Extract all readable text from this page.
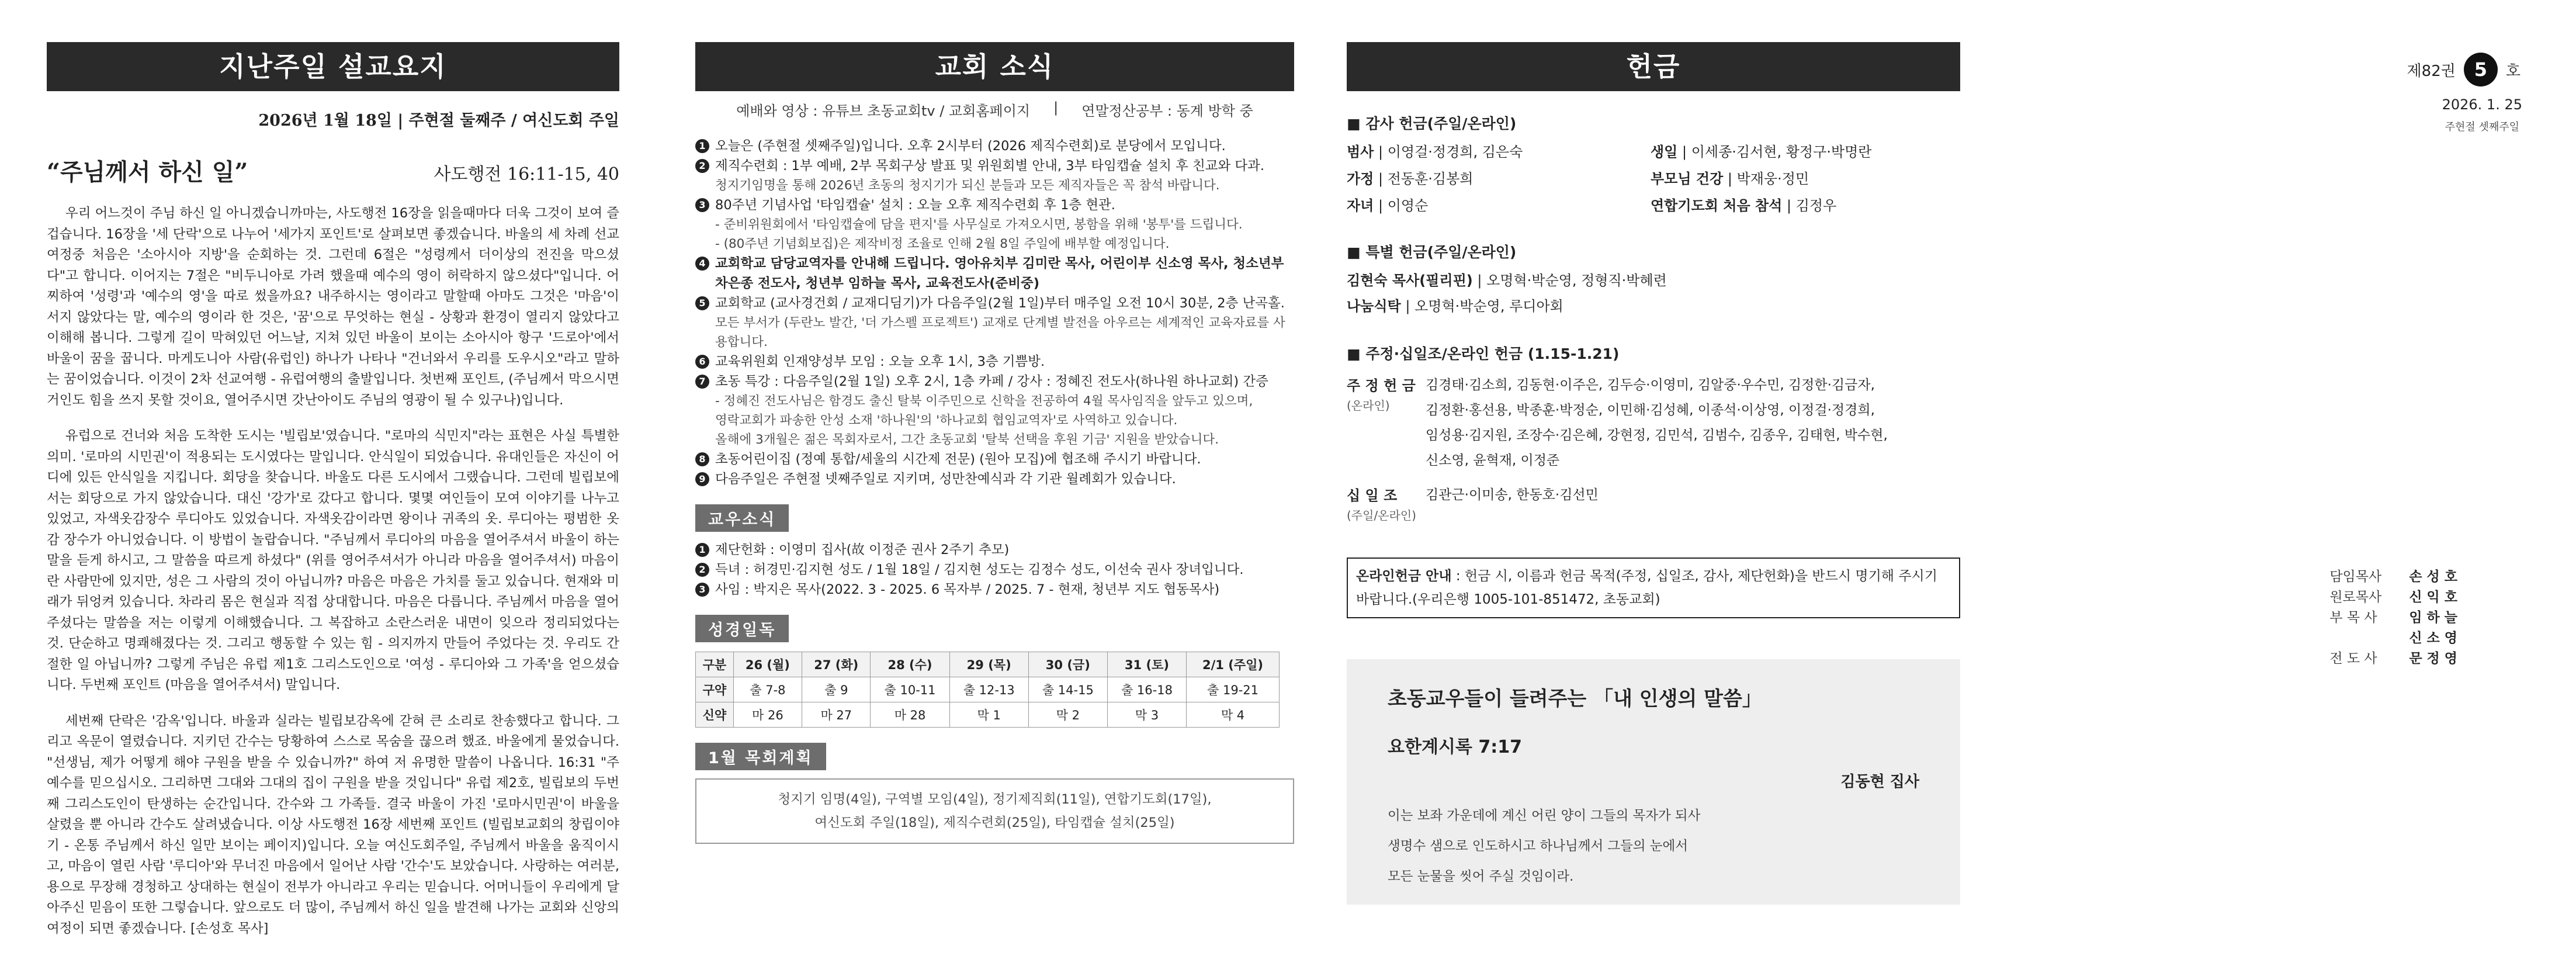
지난주일 설교요지
2026년 1월 18일 | 주현절 둘째주 / 여신도회 주일
“주님께서 하신 일”	사도행전 16:11-15, 40

우리 어느것이 주님 하신 일 아니겠습니까마는, 사도행전 16장을 읽을때마다 더욱 그것이 보여 즐겁습니다. 16장을 '세 단락'으로 나누어 '세가지 포인트'로 살펴보면 좋겠습니다. 바울의 세 차례 선교여정중 처음은 '소아시아 지방'을 순회하는 것. 그런데 6절은 "성령께서 더이상의 전진을 막으셨다"고 합니다. 이어지는 7절은 "비두니아로 가려 했을때 예수의 영이 허락하지 않으셨다"입니다. 어찌하여 '성령'과 '예수의 영'을 따로 썼을까요? 내주하시는 영이라고 말할때 아마도 그것은 '마음'이 서지 않았다는 말, 예수의 영이라 한 것은, '꿈'으로 무엇하는 현실 - 상황과 환경이 열리지 않았다고 이해해 봅니다. 그렇게 길이 막혀있던 어느날, 지쳐 있던 바울이 보이는 소아시아 항구 '드로아'에서 바울이 꿈을 꿉니다. 마게도니아 사람(유럽인) 하나가 나타나 "건너와서 우리를 도우시오"라고 말하는 꿈이었습니다. 이것이 2차 선교여행 - 유럽여행의 출발입니다. 첫번째 포인트, (주님께서 막으시면 거인도 힘을 쓰지 못할 것이요, 열어주시면 갓난아이도 주님의 영광이 될 수 있구나)입니다.

유럽으로 건너와 처음 도착한 도시는 '빌립보'였습니다. "로마의 식민지"라는 표현은 사실 특별한 의미. '로마의 시민권'이 적용되는 도시였다는 말입니다. 안식일이 되었습니다. 유대인들은 자신이 어디에 있든 안식일을 지킵니다. 회당을 찾습니다. 바울도 다른 도시에서 그랬습니다. 그런데 빌립보에서는 회당으로 가지 않았습니다. 대신 '강가'로 갔다고 합니다. 몇몇 여인들이 모여 이야기를 나누고 있었고, 자색옷감장수 루디아도 있었습니다. 자색옷감이라면 왕이나 귀족의 옷. 루디아는 평범한 옷감 장수가 아니었습니다. 이 방법이 놀랍습니다. "주님께서 루디아의 마음을 열어주셔서 바울이 하는 말을 듣게 하시고, 그 말씀을 따르게 하셨다" (위를 영어주셔서가 아니라 마음을 열어주셔서) 마음이란 사람만에 있지만, 성은 그 사람의 것이 아닙니까? 마음은 마음은 가치를 둘고 있습니다. 현재와 미래가 뒤엉켜 있습니다. 차라리 몸은 현실과 직접 상대합니다. 마음은 다릅니다. 주님께서 마음을 열어주셨다는 말씀을 저는 이렇게 이해했습니다. 그 복잡하고 소란스러운 내면이 잊으라 정리되었다는 것. 단순하고 명쾌해졌다는 것. 그리고 행동할 수 있는 힘 - 의지까지 만들어 주었다는 것. 우리도 간절한 일 아닙니까? 그렇게 주님은 유럽 제1호 그리스도인으로 '여성 - 루디아와 그 가족'을 얻으셨습니다. 두번째 포인트 (마음을 열어주셔서) 말입니다.

세번째 단락은 '감옥'입니다. 바울과 실라는 빌립보감옥에 갇혀 큰 소리로 찬송했다고 합니다. 그리고 옥문이 열렸습니다. 지키던 간수는 당황하여 스스로 목숨을 끊으려 했죠. 바울에게 물었습니다. "선생님, 제가 어떻게 해야 구원을 받을 수 있습니까?" 하여 저 유명한 말씀이 나옵니다. 16:31 "주 예수를 믿으십시오. 그리하면 그대와 그대의 집이 구원을 받을 것입니다" 유럽 제2호, 빌립보의 두번째 그리스도인이 탄생하는 순간입니다. 간수와 그 가족들. 결국 바울이 가진 '로마시민권'이 바울을 살렸을 뿐 아니라 간수도 살려냈습니다. 이상 사도행전 16장 세번째 포인트 (빌립보교회의 창립이야기 - 온통 주님께서 하신 일만 보이는 페이지)입니다. 오늘 여신도회주일, 주님께서 바울을 움직이시고, 마음이 열린 사람 '루디아'와 무너진 마음에서 일어난 사람 '간수'도 보았습니다. 사랑하는 여러분, 용으로 무장해 경청하고 상대하는 현실이 전부가 아니라고 우리는 믿습니다. 어머니들이 우리에게 달아주신 믿음이 또한 그렇습니다. 앞으로도 더 많이, 주님께서 하신 일을 발견해 나가는 교회와 신앙의 여정이 되면 좋겠습니다. [손성호 목사]

교회 소식
예배와 영상 : 유튜브 초동교회tv / 교회홈페이지 | 연말정산공부 : 동계 방학 중
1 오늘은 (주현절 셋째주일)입니다. 오후 2시부터 (2026 제직수련회)로 분당에서 모입니다.
2 제직수련회 : 1부 예배, 2부 목회구상 발표 및 위원회별 안내, 3부 타임캡슐 설치 후 친교와 다과.
청지기임명을 통해 2026년 초동의 청지기가 되신 분들과 모든 제직자들은 꼭 참석 바랍니다.
3 80주년 기념사업 '타임캡슐' 설치 : 오늘 오후 제직수련회 후 1층 현관.
- 준비위원회에서 '타임캡슐에 담을 편지'를 사무실로 가져오시면, 봉함을 위해 '봉투'를 드립니다.
- (80주년 기념회보집)은 제작비정 조율로 인해 2월 8일 주일에 배부할 예정입니다.
4 교회학교 담당교역자를 안내해 드립니다. 영아유치부 김미란 목사, 어린이부 신소영 목사, 청소년부 차은종 전도사, 청년부 임하늘 목사, 교육전도사(준비중)
5 교회학교 (교사경건회 / 교재디딤기)가 다음주일(2월 1일)부터 매주일 오전 10시 30분, 2층 난곡홀.
모든 부서가 (두란노 발간, '더 가스펠 프로젝트') 교재로 단계별 발전을 아우르는 세계적인 교육자료를 사용합니다.
6 교육위원회 인재양성부 모임 : 오늘 오후 1시, 3층 기쁨방.
7 초동 특강 : 다음주일(2월 1일) 오후 2시, 1층 카페 / 강사 : 정혜진 전도사(하나원 하나교회) 간증
- 정혜진 전도사님은 함경도 출신 탈북 이주민으로 신학을 전공하여 4월 목사임직을 앞두고 있으며,
영락교회가 파송한 안성 소재 '하나원'의 '하나교회 협임교역자'로 사역하고 있습니다.
올해에 3개월은 젊은 목회자로서, 그간 초동교회 '탈북 선택을 후원 기금' 지원을 받았습니다.
8 초동어린이집 (정예 통합/세울의 시간제 전문) (원아 모집)에 협조해 주시기 바랍니다.
9 다음주일은 주현절 넷째주일로 지키며, 성만찬예식과 각 기관 월례회가 있습니다.
교우소식
1 제단헌화 : 이영미 집사(故 이정준 권사 2주기 추모)
2 득녀 : 허경민·김지현 성도 / 1월 18일 / 김지현 성도는 김정수 성도, 이선숙 권사 장녀입니다.
3 사임 : 박지은 목사(2022. 3 - 2025. 6 목자부 / 2025. 7 - 현재, 청년부 지도 협동목사)
성경일독
구분	26 (월)	27 (화)	28 (수)	29 (목)	30 (금)	31 (토)	2/1 (주일)
구약	출 7-8	출 9	출 10-11	출 12-13	출 14-15	출 16-18	출 19-21
신약	마 26	마 27	마 28	막 1	막 2	막 3	막 4
1월 목회계획
청지기 임명(4일), 구역별 모임(4일), 정기제직회(11일), 연합기도회(17일),
여신도회 주일(18일), 제직수련회(25일), 타임캡슐 설치(25일)
헌금
■ 감사 헌금(주일/온라인)
범사 | 이영걸·정경희, 김은숙	생일 | 이세종·김서현, 황정구·박명란
가정 | 전동훈·김봉희	부모님 건강 | 박재웅·정민
자녀 | 이영순	연합기도회 처음 참석 | 김정우
■ 특별 헌금(주일/온라인)
김현숙 목사(필리핀) | 오명혁·박순영, 정형직·박혜련
나눔식탁 | 오명혁·박순영, 루디아회
■ 주정·십일조/온라인 헌금 (1.15-1.21)
주 정 헌 금
(온라인)
김경태·김소희, 김동현·이주은, 김두승·이영미, 김알중·우수민, 김정한·김금자,
김정환·홍선용, 박종훈·박정순, 이민해·김성혜, 이종석·이상영, 이정걸·정경희,
임성용·김지원, 조장수·김은혜, 강현정, 김민석, 김범수, 김종우, 김태현, 박수현,
신소영, 윤혁재, 이정준
십 일 조
(주일/온라인)
김관근·이미송, 한동호·김선민
온라인헌금 안내 : 헌금 시, 이름과 헌금 목적(주정, 십일조, 감사, 제단헌화)을 반드시 명기해 주시기 바랍니다.(우리은행 1005-101-851472, 초동교회)
초동교우들이 들려주는 「내 인생의 말씀」
요한계시록 7:17
김동현 집사
이는 보좌 가운데에 계신 어린 양이 그들의 목자가 되사
생명수 샘으로 인도하시고 하나님께서 그들의 눈에서
모든 눈물을 씻어 주실 것임이라.
제82권 5	호
2026. 1. 25
주현절 셋째주일
담임목사	손성호
원로목사	신익호
부 목 사	임하늘
신소영
전 도 사	문정영
